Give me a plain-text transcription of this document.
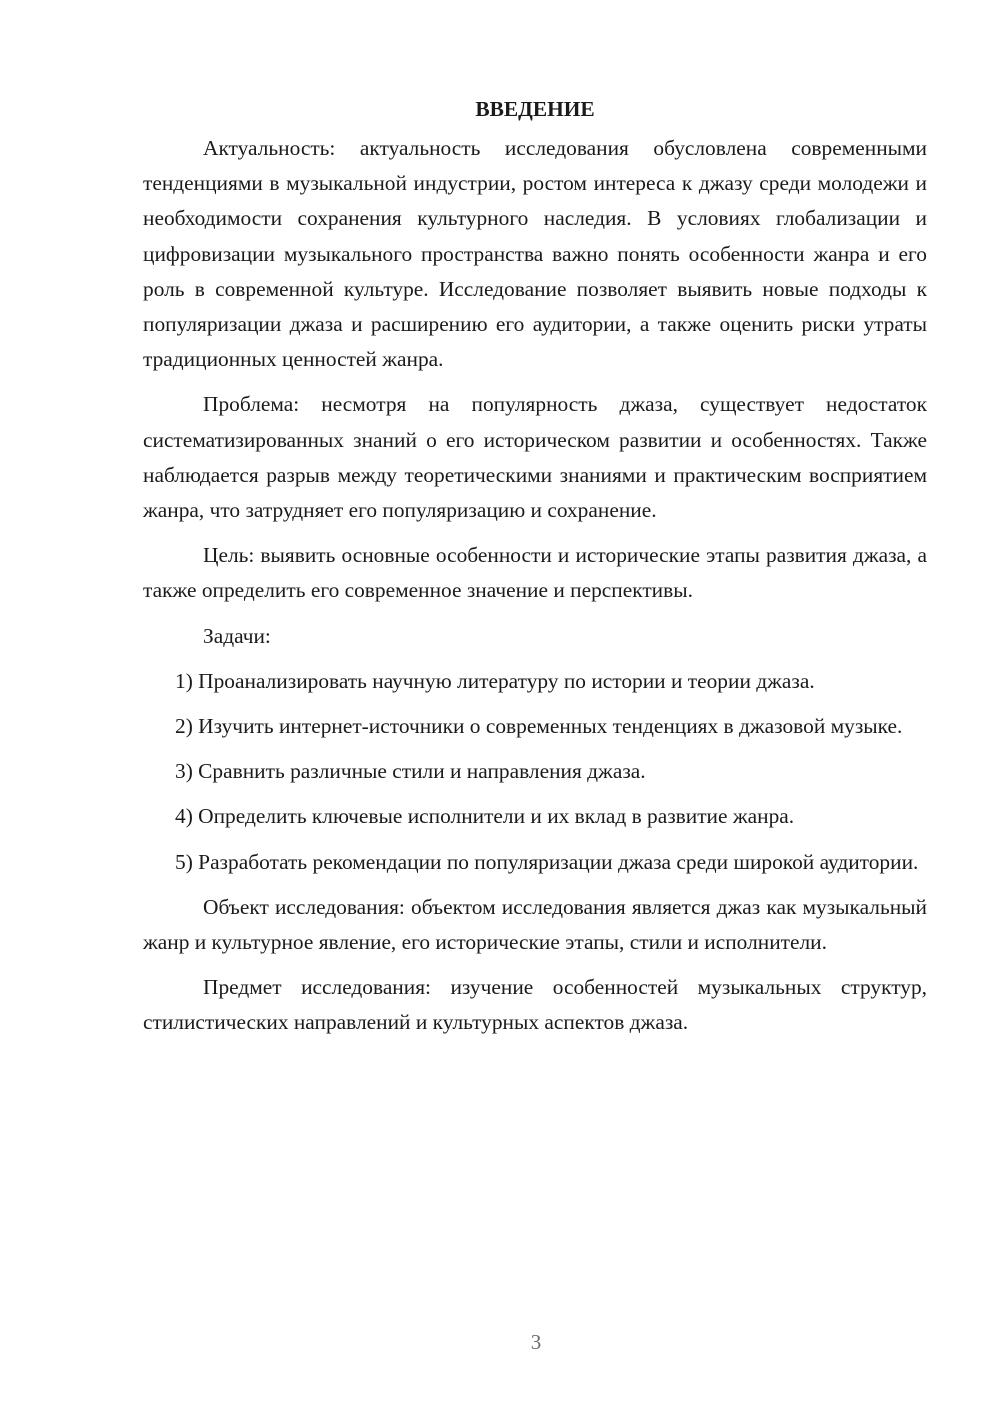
ВВЕДЕНИЕ

Актуальность: актуальность исследования обусловлена современными тенденциями в музыкальной индустрии, ростом интереса к джазу среди молодежи и необходимости сохранения культурного наследия. В условиях глобализации и цифровизации музыкального пространства важно понять особенности жанра и его роль в современной культуре. Исследование позволяет выявить новые подходы к популяризации джаза и расширению его аудитории, а также оценить риски утраты традиционных ценностей жанра.

Проблема: несмотря на популярность джаза, существует недостаток систематизированных знаний о его историческом развитии и особенностях. Также наблюдается разрыв между теоретическими знаниями и практическим восприятием жанра, что затрудняет его популяризацию и сохранение.

Цель: выявить основные особенности и исторические этапы развития джаза, а также определить его современное значение и перспективы.

Задачи:

1) Проанализировать научную литературу по истории и теории джаза.

2) Изучить интернет-источники о современных тенденциях в джазовой музыке.

3) Сравнить различные стили и направления джаза.

4) Определить ключевые исполнители и их вклад в развитие жанра.

5) Разработать рекомендации по популяризации джаза среди широкой аудитории.

Объект исследования: объектом исследования является джаз как музыкальный жанр и культурное явление, его исторические этапы, стили и исполнители.

Предмет исследования: изучение особенностей музыкальных структур, стилистических направлений и культурных аспектов джаза.

3
